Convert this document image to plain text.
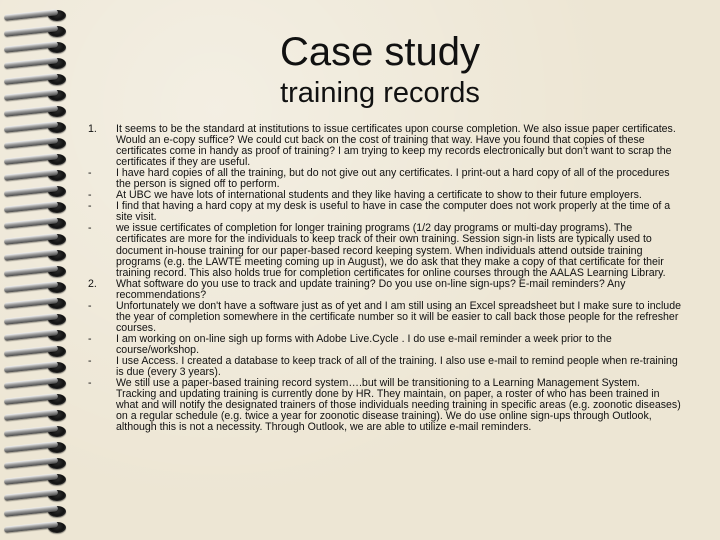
Case study
training records
1.	It seems to be the standard at institutions to issue certificates upon course completion. We also issue paper certificates. Would an e-copy suffice? We could cut back on the cost of training that way. Have you found that copies of these certificates come in handy as proof of training? I am trying to keep my records electronically but don't want to scrap the certificates if they are useful.
-	I have hard copies of all the training, but do not give out any certificates. I print-out a hard copy of all of the procedures the person is signed off to perform.
-	At UBC we have lots of international students and they like having a certificate to show to their future employers.
-	I find that having a hard copy at my desk is useful to have in case the computer does not work properly at the time of a site visit.
-	we issue certificates of completion for longer training programs (1/2 day programs or multi-day programs). The certificates are more for the individuals to keep track of their own training. Session sign-in lists are typically used to document in-house training for our paper-based record keeping system. When individuals attend outside training programs (e.g. the LAWTE meeting coming up in August), we do ask that they make a copy of that certificate for their training record. This also holds true for completion certificates for online courses through the AALAS Learning Library.
2.	What software do you use to track and update training? Do you use on-line sign-ups? E-mail reminders? Any recommendations?
-	Unfortunately we don't have a software just as of yet and I am still using an Excel spreadsheet but I make sure to include the year of completion somewhere in the certificate number so it will be easier to call back those people for the refresher courses.
-	I am working on on-line sigh up forms with Adobe Live.Cycle . I do use e-mail reminder a week prior to the course/workshop.
-	I use Access. I created a database to keep track of all of the training. I also use e-mail to remind people when re-training is due (every 3 years).
-	We still use a paper-based training record system….but will be transitioning to a Learning Management System. Tracking and updating training is currently done by HR. They maintain, on paper, a roster of who has been trained in what and will notify the designated trainers of those individuals needing training in specific areas (e.g. zoonotic diseases) on a regular schedule (e.g. twice a year for zoonotic disease training). We do use online sign-ups through Outlook, although this is not a necessity. Through Outlook, we are able to utilize e-mail reminders.
